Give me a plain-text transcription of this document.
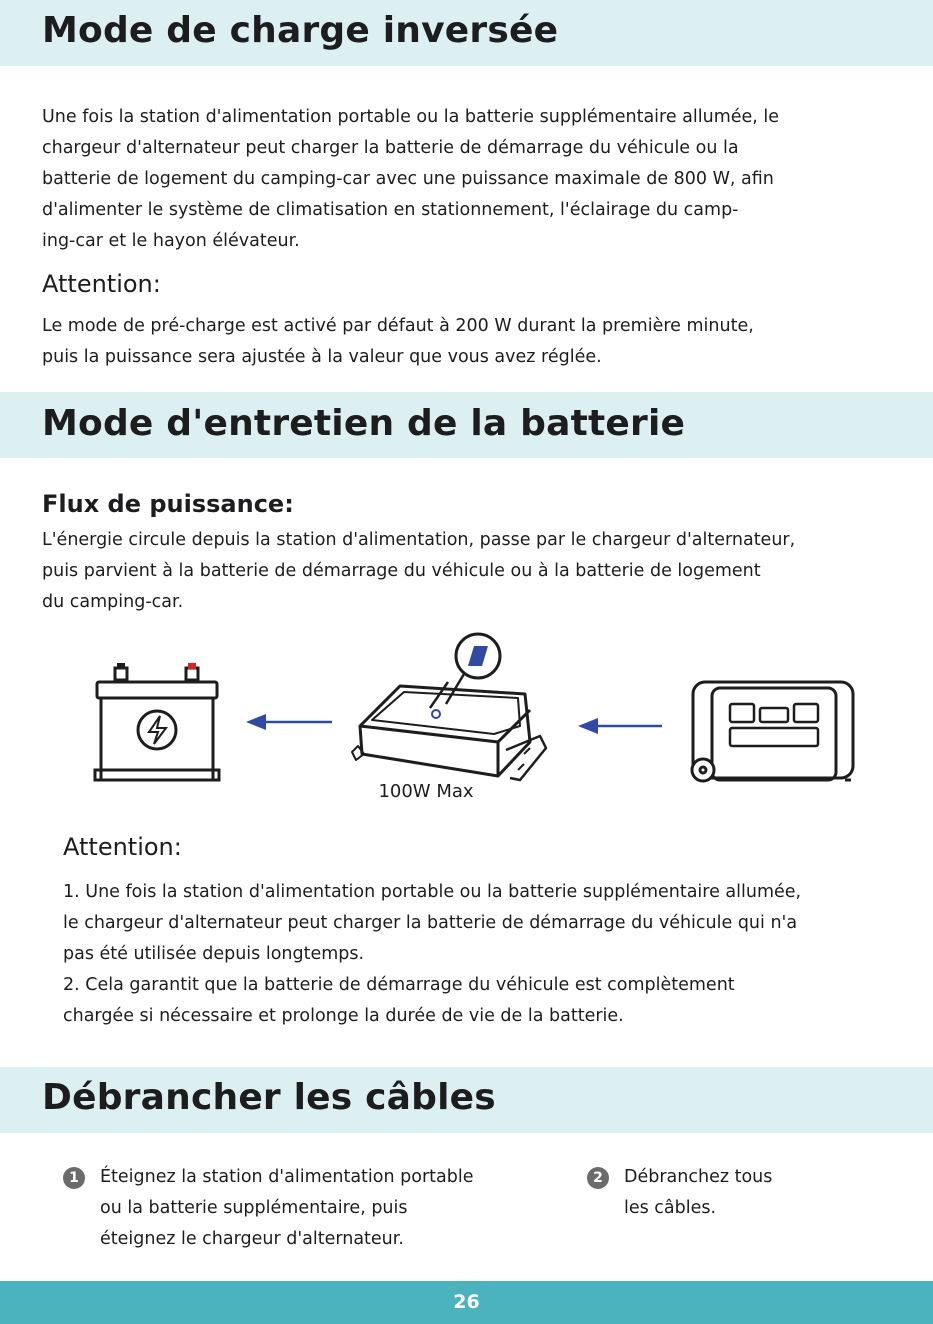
Mode de charge inversée
Une fois la station d'alimentation portable ou la batterie supplémentaire allumée, le
chargeur d'alternateur peut charger la batterie de démarrage du véhicule ou la
batterie de logement du camping-car avec une puissance maximale de 800 W, afin
d'alimenter le système de climatisation en stationnement, l'éclairage du camp-
ing-car et le hayon élévateur.
Attention:
Le mode de pré-charge est activé par défaut à 200 W durant la première minute,
puis la puissance sera ajustée à la valeur que vous avez réglée.
Mode d'entretien de la batterie
Flux de puissance:
L'énergie circule depuis la station d'alimentation, passe par le chargeur d'alternateur,
puis parvient à la batterie de démarrage du véhicule ou à la batterie de logement
du camping-car.
100W Max
Attention:
1. Une fois la station d'alimentation portable ou la batterie supplémentaire allumée,
le chargeur d'alternateur peut charger la batterie de démarrage du véhicule qui n'a
pas été utilisée depuis longtemps.
2. Cela garantit que la batterie de démarrage du véhicule est complètement
chargée si nécessaire et prolonge la durée de vie de la batterie.
Débrancher les câbles
1	Éteignez la station d'alimentation portable
ou la batterie supplémentaire, puis
éteignez le chargeur d'alternateur.
2	Débranchez tous
les câbles.
26
